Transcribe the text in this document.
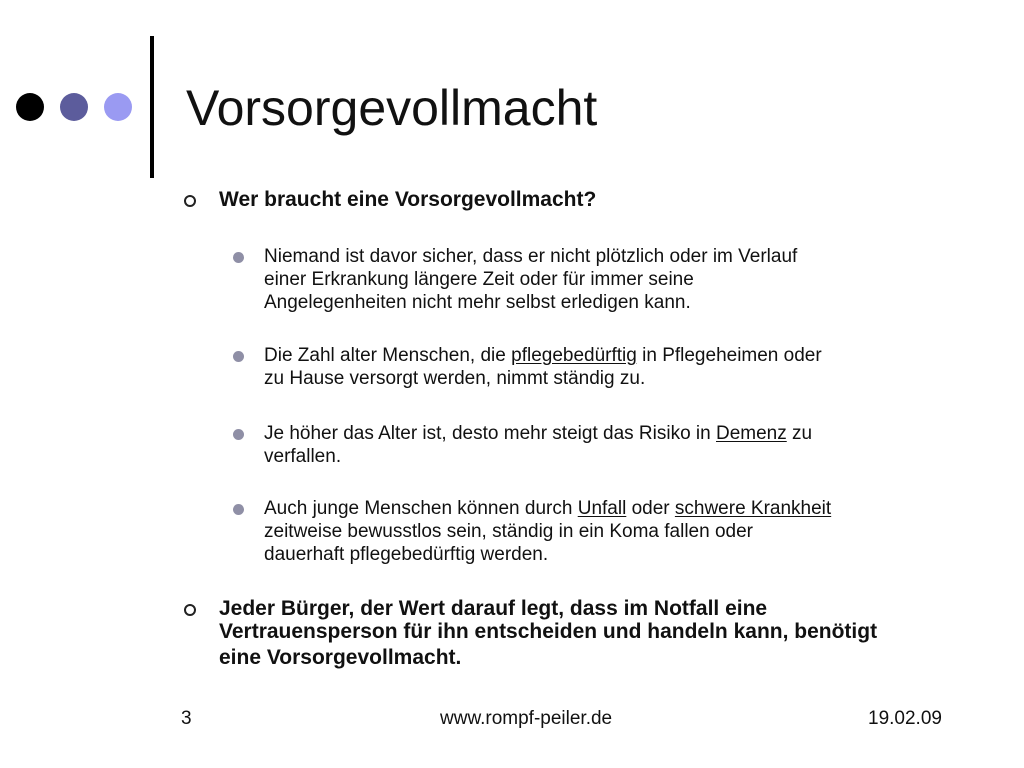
Vorsorgevollmacht
Wer braucht eine Vorsorgevollmacht?
Niemand ist davor sicher, dass er nicht plötzlich oder im Verlauf
einer Erkrankung längere Zeit oder für immer seine
Angelegenheiten nicht mehr selbst erledigen kann.
Die Zahl alter Menschen, die pflegebedürftig in Pflegeheimen oder
zu Hause versorgt werden, nimmt ständig zu.
Je höher das Alter ist, desto mehr steigt das Risiko in Demenz zu
verfallen.
Auch junge Menschen können durch Unfall oder schwere Krankheit
zeitweise bewusstlos sein, ständig in ein Koma fallen oder
dauerhaft pflegebedürftig werden.
Jeder Bürger, der Wert darauf legt, dass im Notfall eine
Vertrauensperson für ihn entscheiden und handeln kann, benötigt
eine Vorsorgevollmacht.
3	www.rompf-peiler.de	19.02.09
